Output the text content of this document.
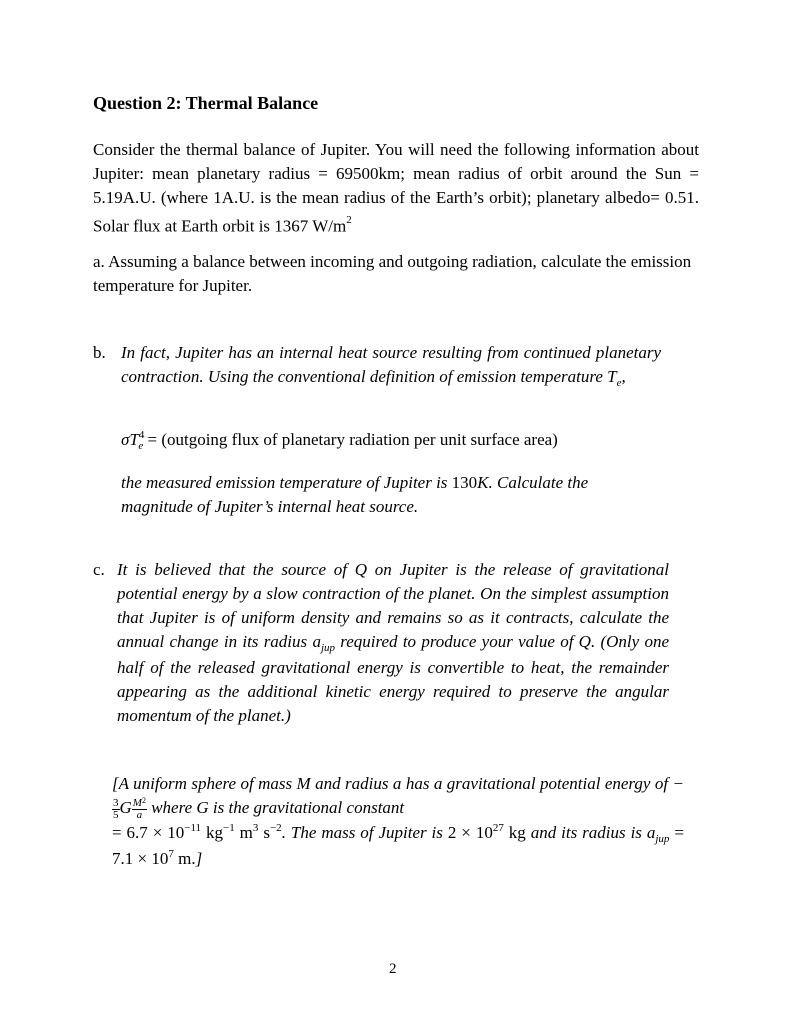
Question 2: Thermal Balance
Consider the thermal balance of Jupiter. You will need the following information about Jupiter: mean planetary radius = 69500km; mean radius of orbit around the Sun = 5.19A.U. (where 1A.U. is the mean radius of the Earth’s orbit); planetary albedo= 0.51. Solar flux at Earth orbit is 1367 $W/m^2$
a. Assuming a balance between incoming and outgoing radiation, calculate the emission temperature for Jupiter.
b. In fact, Jupiter has an internal heat source resulting from continued planetary contraction. Using the conventional definition of emission temperature $T_e$,
$\sigma T^4_e$ = (outgoing flux of planetary radiation per unit surface area)
the measured emission temperature of Jupiter is 130K. Calculate the magnitude of Jupiter’s internal heat source.
c. It is believed that the source of Q on Jupiter is the release of gravitational potential energy by a slow contraction of the planet. On the simplest assumption that Jupiter is of uniform density and remains so as it contracts, calculate the annual change in its radius $a_{jup}$ required to produce your value of Q. (Only one half of the released gravitational energy is convertible to heat, the remainder appearing as the additional kinetic energy required to preserve the angular momentum of the planet.)
[A uniform sphere of mass M and radius a has a gravitational potential energy of −
$\frac{3}{5}$ G $\frac{M^2}{a}$ where G is the gravitational constant
= $6.7 \times 10^{-11}$ $kg^{-1}$ $m^3$ $s^{-2}$. The mass of Jupiter is $2 \times 10^{27}$ kg and its radius is $a_{jup} = 7.1 \times 10^7$ m.]
2
